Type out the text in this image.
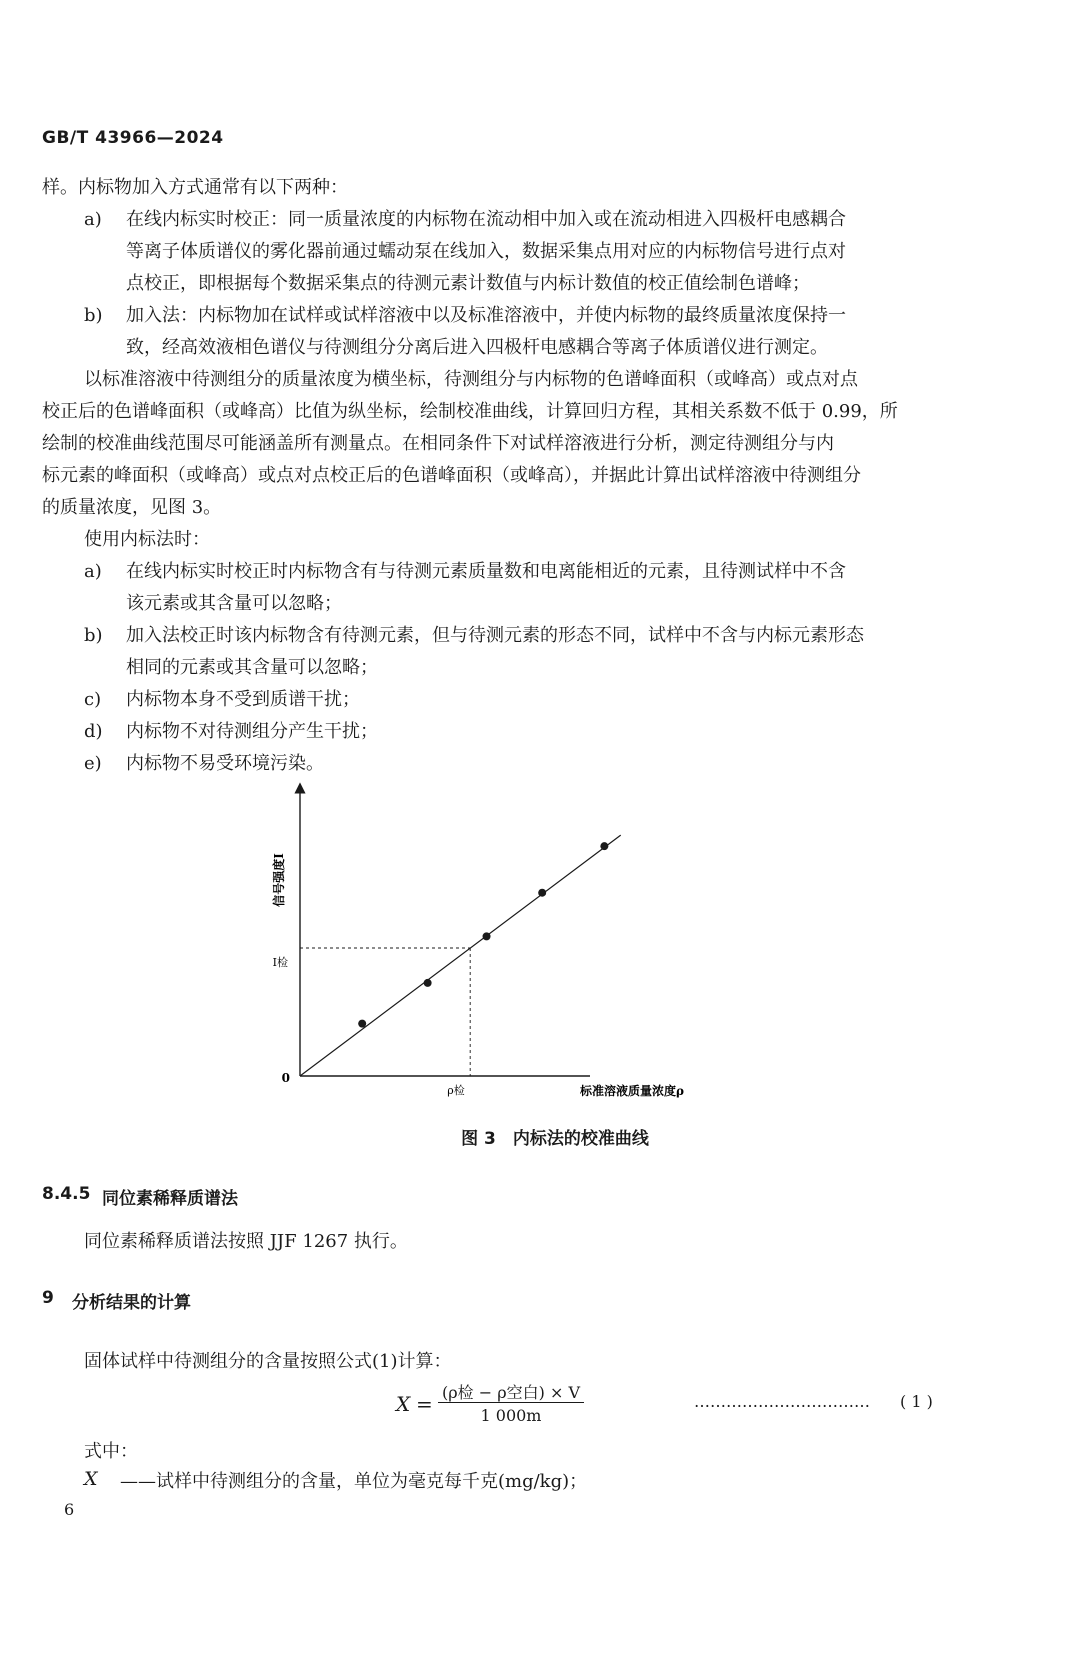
GB/T 43966—2024
样。内标物加入方式通常有以下两种：
a) 在线内标实时校正：同一质量浓度的内标物在流动相中加入或在流动相进入四极杆电感耦合
等离子体质谱仪的雾化器前通过蠕动泵在线加入，数据采集点用对应的内标物信号进行点对
点校正，即根据每个数据采集点的待测元素计数值与内标计数值的校正值绘制色谱峰；
b) 加入法：内标物加在试样或试样溶液中以及标准溶液中，并使内标物的最终质量浓度保持一
致，经高效液相色谱仪与待测组分分离后进入四极杆电感耦合等离子体质谱仪进行测定。
以标准溶液中待测组分的质量浓度为横坐标，待测组分与内标物的色谱峰面积（或峰高）或点对点
校正后的色谱峰面积（或峰高）比值为纵坐标，绘制校准曲线，计算回归方程，其相关系数不低于 0.99，所
绘制的校准曲线范围尽可能涵盖所有测量点。在相同条件下对试样溶液进行分析，测定待测组分与内
标元素的峰面积（或峰高）或点对点校正后的色谱峰面积（或峰高），并据此计算出试样溶液中待测组分
的质量浓度，见图 3。
使用内标法时：
a) 在线内标实时校正时内标物含有与待测元素质量数和电离能相近的元素，且待测试样中不含
该元素或其含量可以忽略；
b) 加入法校正时该内标物含有待测元素，但与待测元素的形态不同，试样中不含与内标元素形态
相同的元素或其含量可以忽略；
c) 内标物本身不受到质谱干扰；
d) 内标物不对待测组分产生干扰；
e) 内标物不易受环境污染。
信号强度I
标准溶液质量浓度ρ
0
I检
ρ检
图 3　内标法的校准曲线
8.4.5 同位素稀释质谱法
同位素稀释质谱法按照 JJF 1267 执行。
9 分析结果的计算
固体试样中待测组分的含量按照公式(1)计算：
X = (ρ检 − ρ空白) × V
1 000m
…………………………… ( 1 )
式中：
X ——试样中待测组分的含量，单位为毫克每千克(mg/kg)；
6
